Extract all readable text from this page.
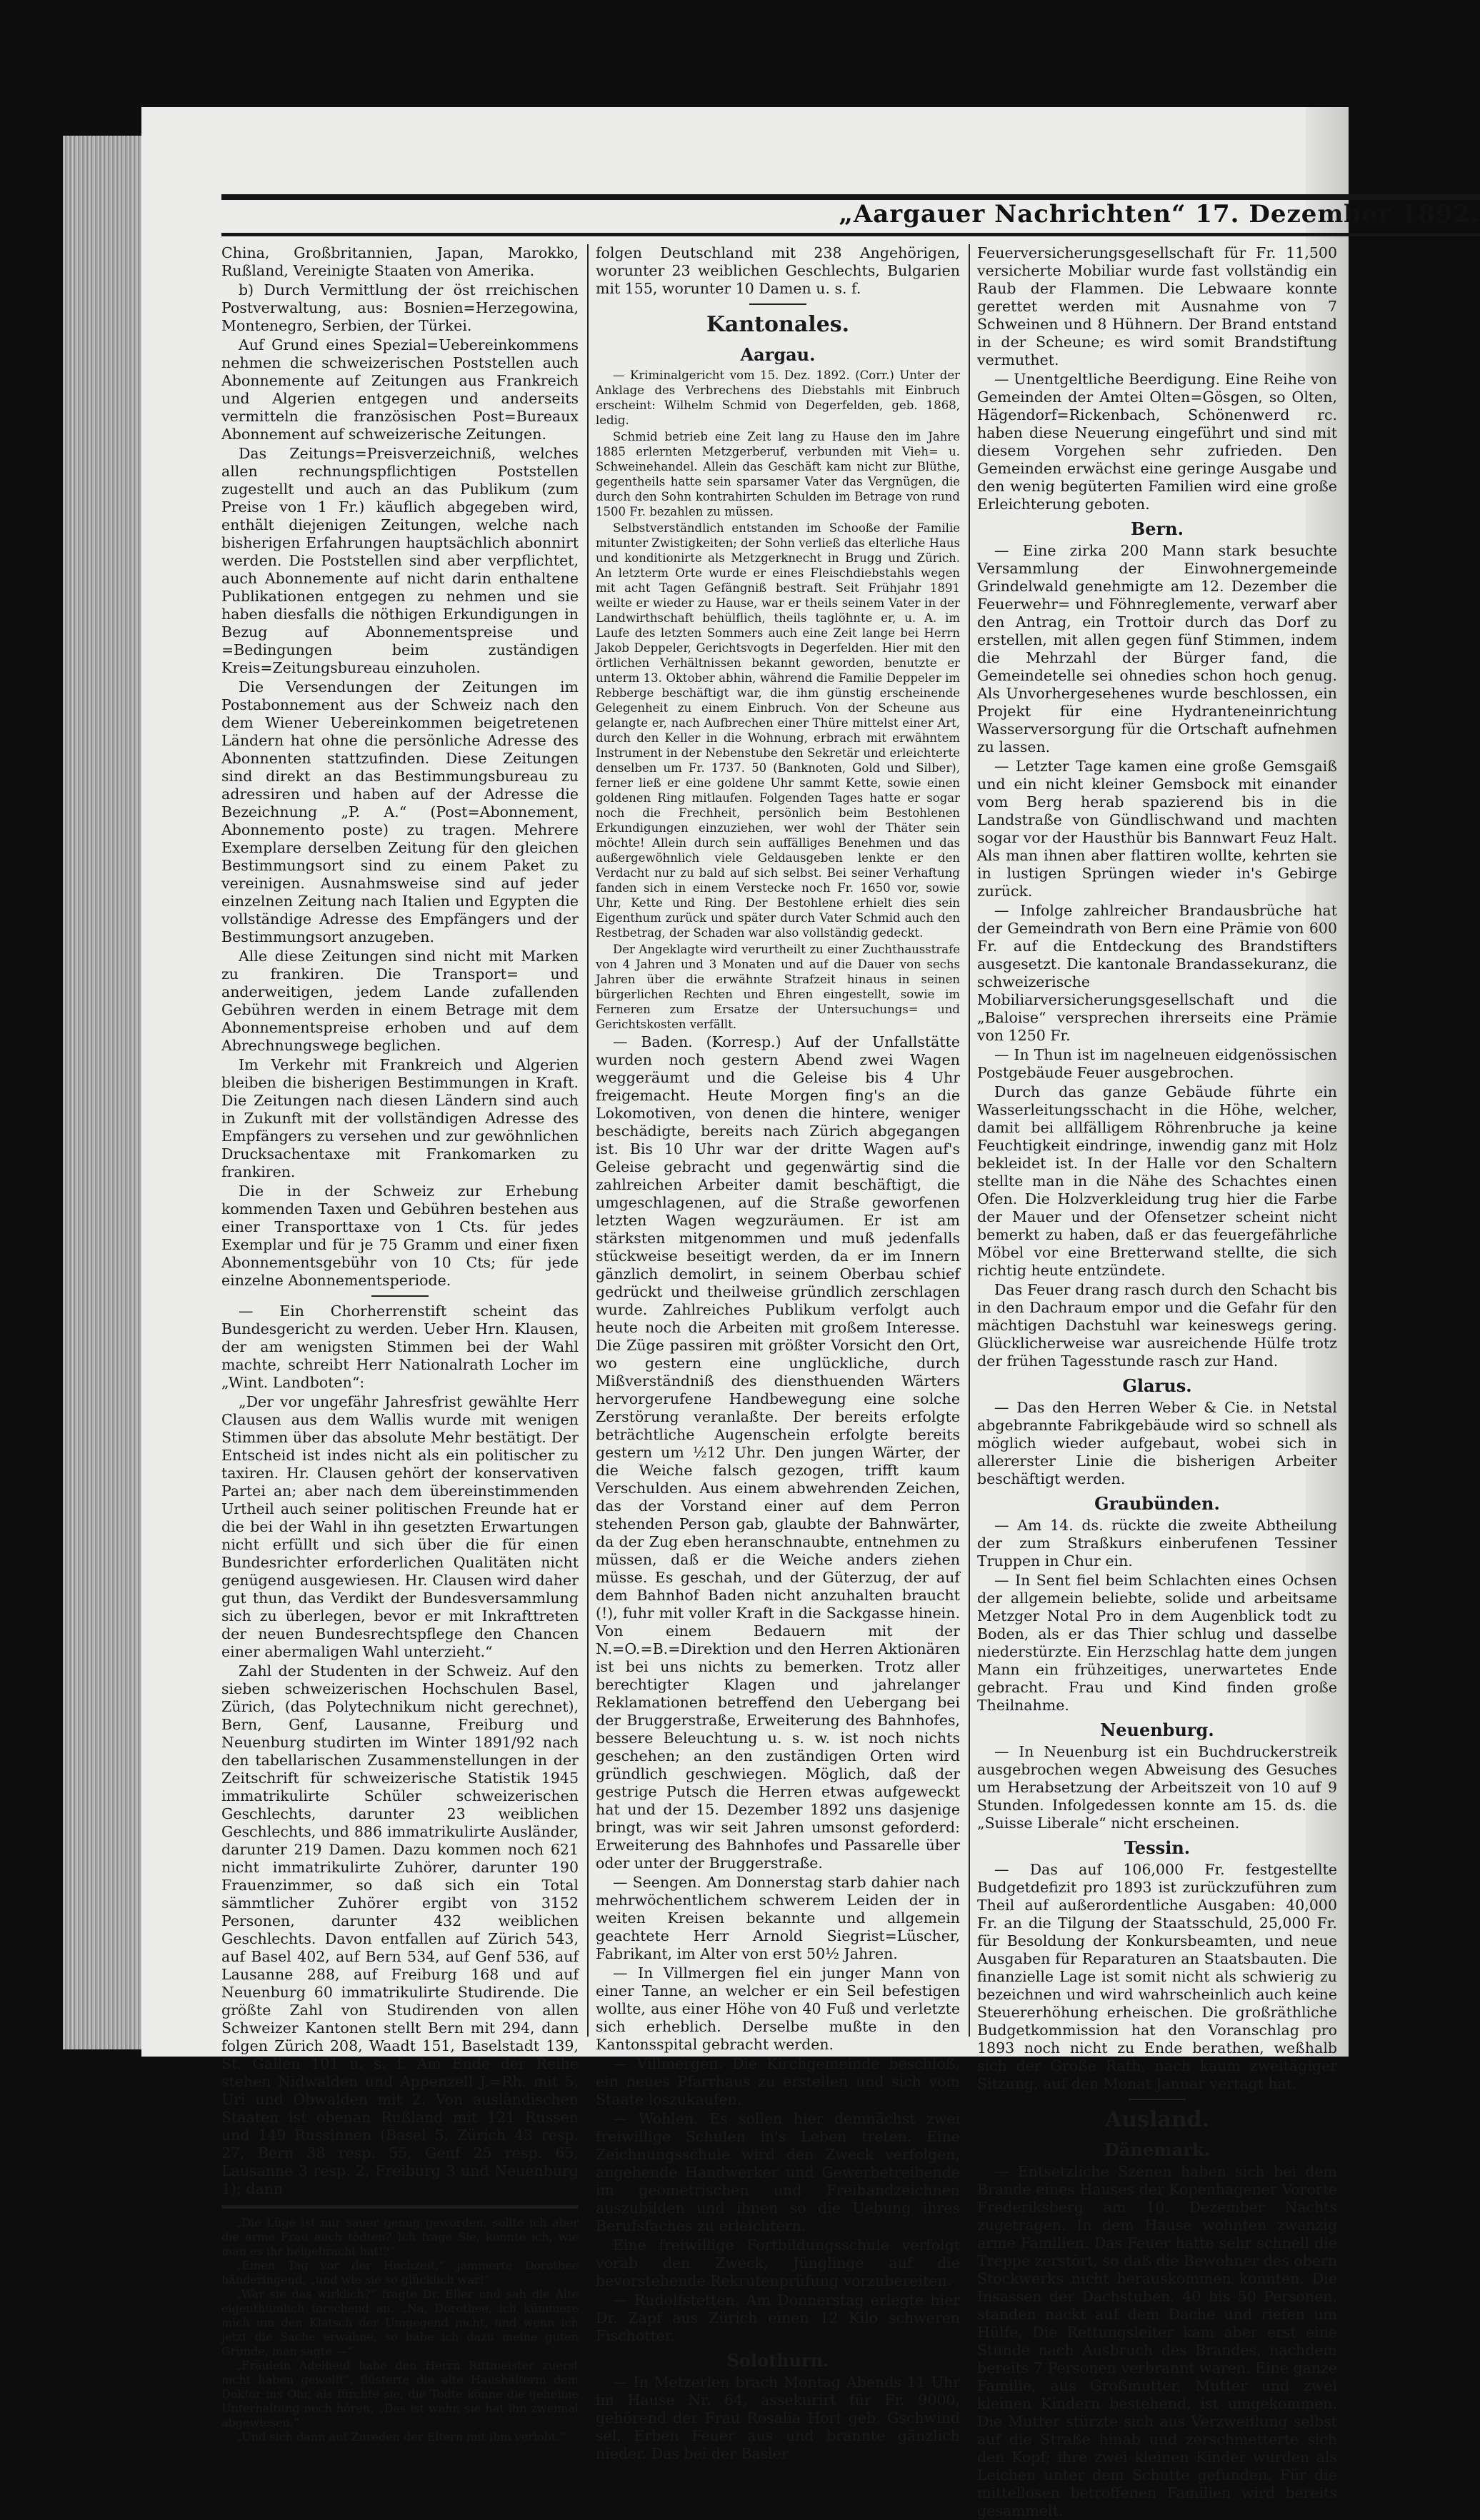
„Aargauer Nachrichten“ 17. Dezember 1892.

China, Großbritannien, Japan, Marokko, Rußland, Vereinigte Staaten von Amerika.

b) Durch Vermittlung der öst rreichischen Postverwaltung, aus: Bosnien=Herzegowina, Montenegro, Serbien, der Türkei.

Auf Grund eines Spezial=Uebereinkommens nehmen die schweizerischen Poststellen auch Abonnemente auf Zeitungen aus Frankreich und Algerien entgegen und anderseits vermitteln die französischen Post=Bureaux Abonnement auf schweizerische Zeitungen.

Das Zeitungs=Preisverzeichniß, welches allen rechnungspflichtigen Poststellen zugestellt und auch an das Publikum (zum Preise von 1 Fr.) käuflich abgegeben wird, enthält diejenigen Zeitungen, welche nach bisherigen Erfahrungen hauptsächlich abonnirt werden. Die Poststellen sind aber verpflichtet, auch Abonnemente auf nicht darin enthaltene Publikationen entgegen zu nehmen und sie haben diesfalls die nöthigen Erkundigungen in Bezug auf Abonnementspreise und =Bedingungen beim zuständigen Kreis=Zeitungsbureau einzuholen.

Die Versendungen der Zeitungen im Postabonnement aus der Schweiz nach den dem Wiener Uebereinkommen beigetretenen Ländern hat ohne die persönliche Adresse des Abonnenten stattzufinden. Diese Zeitungen sind direkt an das Bestimmungsbureau zu adressiren und haben auf der Adresse die Bezeichnung „P. A.“ (Post=Abonnement, Abonnemento poste) zu tragen. Mehrere Exemplare derselben Zeitung für den gleichen Bestimmungsort sind zu einem Paket zu vereinigen. Ausnahmsweise sind auf jeder einzelnen Zeitung nach Italien und Egypten die vollständige Adresse des Empfängers und der Bestimmungsort anzugeben.

Alle diese Zeitungen sind nicht mit Marken zu frankiren. Die Transport= und anderweitigen, jedem Lande zufallenden Gebühren werden in einem Betrage mit dem Abonnementspreise erhoben und auf dem Abrechnungswege beglichen.

Im Verkehr mit Frankreich und Algerien bleiben die bisherigen Bestimmungen in Kraft. Die Zeitungen nach diesen Ländern sind auch in Zukunft mit der vollständigen Adresse des Empfängers zu versehen und zur gewöhnlichen Drucksachentaxe mit Frankomarken zu frankiren.

Die in der Schweiz zur Erhebung kommenden Taxen und Gebühren bestehen aus einer Transporttaxe von 1 Cts. für jedes Exemplar und für je 75 Gramm und einer fixen Abonnementsgebühr von 10 Cts; für jede einzelne Abonnementsperiode.

— Ein Chorherrenstift scheint das Bundesgericht zu werden. Ueber Hrn. Klausen, der am wenigsten Stimmen bei der Wahl machte, schreibt Herr Nationalrath Locher im „Wint. Landboten“:

„Der vor ungefähr Jahresfrist gewählte Herr Clausen aus dem Wallis wurde mit wenigen Stimmen über das absolute Mehr bestätigt. Der Entscheid ist indes nicht als ein politischer zu taxiren. Hr. Clausen gehört der konservativen Partei an; aber nach dem übereinstimmenden Urtheil auch seiner politischen Freunde hat er die bei der Wahl in ihn gesetzten Erwartungen nicht erfüllt und sich über die für einen Bundesrichter erforderlichen Qualitäten nicht genügend ausgewiesen. Hr. Clausen wird daher gut thun, das Verdikt der Bundesversammlung sich zu überlegen, bevor er mit Inkrafttreten der neuen Bundesrechtspflege den Chancen einer abermaligen Wahl unterzieht.“

Zahl der Studenten in der Schweiz. Auf den sieben schweizerischen Hochschulen Basel, Zürich, (das Polytechnikum nicht gerechnet), Bern, Genf, Lausanne, Freiburg und Neuenburg studirten im Winter 1891/92 nach den tabellarischen Zusammenstellungen in der Zeitschrift für schweizerische Statistik 1945 immatrikulirte Schüler schweizerischen Geschlechts, darunter 23 weiblichen Geschlechts, und 886 immatrikulirte Ausländer, darunter 219 Damen. Dazu kommen noch 621 nicht immatrikulirte Zuhörer, darunter 190 Frauenzimmer, so daß sich ein Total sämmtlicher Zuhörer ergibt von 3152 Personen, darunter 432 weiblichen Geschlechts. Davon entfallen auf Zürich 543, auf Basel 402, auf Bern 534, auf Genf 536, auf Lausanne 288, auf Freiburg 168 und auf Neuenburg 60 immatrikulirte Studirende. Die größte Zahl von Studirenden von allen Schweizer Kantonen stellt Bern mit 294, dann folgen Zürich 208, Waadt 151, Baselstadt 139, St. Gallen 101 u. s. f. Am Ende der Reihe stehen Nidwalden und Appenzell J.=Rh. mit 5, Uri und Obwalden mit 2. Von ausländischen Staaten ist obenan Rußland mit 121 Russen und 149 Russinnen (Basel 5, Zürich 43 resp. 27, Bern 38 resp. 55, Genf 25 resp. 65, Lausanne 3 resp. 2, Freiburg 3 und Neuenburg 1); dann

„Die Lüge ist mir sauer genug geworden, sollte ich aber die arme Frau auch tödten? Ich frage Sie, konnte ich, wie man es ihr beigebracht hat!?“

„Einen Tag vor der Hochzeit,“ jammerte Dorothee händeringend, „und wie sie so glücklich war!“

„War sie das wirklich?“ fragte Dr. Eller und sah die Alte eigenthümlich forschend an. „Na, Dorothee, ich kümmere mich um den Klatsch der Umgegend nicht, und wenn ich jetzt die Sache erwähne, so habe ich dazu meine guten Gründe, man sagte —“

„Fräulein Adelheid habe den Herrn Rittmeister zuerst nicht haben gewollt“, flüsterte die alte Haushälterin dem Doktor ins Ohr, als fürchte sie, die Todte könne die geheime Unterhaltung noch hören, „Das ist wahr, sie hat ihn zweimal abgewiesen.“

„Und sich dann auf Zureden der Eltern mit ihm verlobt.“

folgen Deutschland mit 238 Angehörigen, worunter 23 weiblichen Geschlechts, Bulgarien mit 155, worunter 10 Damen u. s. f.

Kantonales.
Aargau.

— Kriminalgericht vom 15. Dez. 1892. (Corr.) Unter der Anklage des Verbrechens des Diebstahls mit Einbruch erscheint: Wilhelm Schmid von Degerfelden, geb. 1868, ledig.

Schmid betrieb eine Zeit lang zu Hause den im Jahre 1885 erlernten Metzgerberuf, verbunden mit Vieh= u. Schweinehandel. Allein das Geschäft kam nicht zur Blüthe, gegentheils hatte sein sparsamer Vater das Vergnügen, die durch den Sohn kontrahirten Schulden im Betrage von rund 1500 Fr. bezahlen zu müssen.

Selbstverständlich entstanden im Schooße der Familie mitunter Zwistigkeiten; der Sohn verließ das elterliche Haus und konditionirte als Metzgerknecht in Brugg und Zürich. An letzterm Orte wurde er eines Fleischdiebstahls wegen mit acht Tagen Gefängniß bestraft. Seit Frühjahr 1891 weilte er wieder zu Hause, war er theils seinem Vater in der Landwirthschaft behülflich, theils taglöhnte er, u. A. im Laufe des letzten Sommers auch eine Zeit lange bei Herrn Jakob Deppeler, Gerichtsvogts in Degerfelden. Hier mit den örtlichen Verhältnissen bekannt geworden, benutzte er unterm 13. Oktober abhin, während die Familie Deppeler im Rebberge beschäftigt war, die ihm günstig erscheinende Gelegenheit zu einem Einbruch. Von der Scheune aus gelangte er, nach Aufbrechen einer Thüre mittelst einer Art, durch den Keller in die Wohnung, erbrach mit erwähntem Instrument in der Nebenstube den Sekretär und erleichterte denselben um Fr. 1737. 50 (Banknoten, Gold und Silber), ferner ließ er eine goldene Uhr sammt Kette, sowie einen goldenen Ring mitlaufen. Folgenden Tages hatte er sogar noch die Frechheit, persönlich beim Bestohlenen Erkundigungen einzuziehen, wer wohl der Thäter sein möchte! Allein durch sein auffälliges Benehmen und das außergewöhnlich viele Geldausgeben lenkte er den Verdacht nur zu bald auf sich selbst. Bei seiner Verhaftung fanden sich in einem Verstecke noch Fr. 1650 vor, sowie Uhr, Kette und Ring. Der Bestohlene erhielt dies sein Eigenthum zurück und später durch Vater Schmid auch den Restbetrag, der Schaden war also vollständig gedeckt.

Der Angeklagte wird verurtheilt zu einer Zuchthausstrafe von 4 Jahren und 3 Monaten und auf die Dauer von sechs Jahren über die erwähnte Strafzeit hinaus in seinen bürgerlichen Rechten und Ehren eingestellt, sowie im Ferneren zum Ersatze der Untersuchungs= und Gerichtskosten verfällt.

— Baden. (Korresp.) Auf der Unfallstätte wurden noch gestern Abend zwei Wagen weggeräumt und die Geleise bis 4 Uhr freigemacht. Heute Morgen fing's an die Lokomotiven, von denen die hintere, weniger beschädigte, bereits nach Zürich abgegangen ist. Bis 10 Uhr war der dritte Wagen auf's Geleise gebracht und gegenwärtig sind die zahlreichen Arbeiter damit beschäftigt, die umgeschlagenen, auf die Straße geworfenen letzten Wagen wegzuräumen. Er ist am stärksten mitgenommen und muß jedenfalls stückweise beseitigt werden, da er im Innern gänzlich demolirt, in seinem Oberbau schief gedrückt und theilweise gründlich zerschlagen wurde. Zahlreiches Publikum verfolgt auch heute noch die Arbeiten mit großem Interesse. Die Züge passiren mit größter Vorsicht den Ort, wo gestern eine unglückliche, durch Mißverständniß des diensthuenden Wärters hervorgerufene Handbewegung eine solche Zerstörung veranlaßte. Der bereits erfolgte beträchtliche Augenschein erfolgte bereits gestern um ½12 Uhr. Den jungen Wärter, der die Weiche falsch gezogen, trifft kaum Verschulden. Aus einem abwehrenden Zeichen, das der Vorstand einer auf dem Perron stehenden Person gab, glaubte der Bahnwärter, da der Zug eben heranschnaubte, entnehmen zu müssen, daß er die Weiche anders ziehen müsse. Es geschah, und der Güterzug, der auf dem Bahnhof Baden nicht anzuhalten braucht (!), fuhr mit voller Kraft in die Sackgasse hinein. Von einem Bedauern mit der N.=O.=B.=Direktion und den Herren Aktionären ist bei uns nichts zu bemerken. Trotz aller berechtigter Klagen und jahrelanger Reklamationen betreffend den Uebergang bei der Bruggerstraße, Erweiterung des Bahnhofes, bessere Beleuchtung u. s. w. ist noch nichts geschehen; an den zuständigen Orten wird gründlich geschwiegen. Möglich, daß der gestrige Putsch die Herren etwas aufgeweckt hat und der 15. Dezember 1892 uns dasjenige bringt, was wir seit Jahren umsonst geforderd: Erweiterung des Bahnhofes und Passarelle über oder unter der Bruggerstraße.

— Seengen. Am Donnerstag starb dahier nach mehrwöchentlichem schwerem Leiden der in weiten Kreisen bekannte und allgemein geachtete Herr Arnold Siegrist=Lüscher, Fabrikant, im Alter von erst 50½ Jahren.

— In Villmergen fiel ein junger Mann von einer Tanne, an welcher er ein Seil befestigen wollte, aus einer Höhe von 40 Fuß und verletzte sich erheblich. Derselbe mußte in den Kantonsspital gebracht werden.

— Villmergen. Die Kirchgemeinde beschloß, ein neues Pfarrhaus zu erstellen und sich vom Staate loszukaufen.

— Wohlen. Es sollen hier demnächst zwei freiwillige Schulen in's Leben treten. Eine Zeichnungsschule wird den Zweck verfolgen, angehende Handwerker und Gewerbetreibende im geometrischen und Freihandzeichnen auszubilden und ihnen so die Uebung ihres Berufsfaches zu erleichtern.

Eine freiwillige Fortbildungsschule verfolgt vorab den Zweck, Jünglinge auf die bevorstehende Rekrutenprüfung vorzubereiten.

— Rudolfstetten. Am Donnerstag erlegte hier Dr. Zapf aus Zürich einen 12 Kilo schweren Fischotter.

Solothurn.

— In Metzerlen brach Montag Abends 11 Uhr im Hause Nr. 64, assekurirt für Fr. 9000, gehörend der Frau Rosalia Hort geb. Gschwind sel. Erben Feuer aus und brannte gänzlich nieder. Das bei der Basler

Feuerversicherungsgesellschaft für Fr. 11,500 versicherte Mobiliar wurde fast vollständig ein Raub der Flammen. Die Lebwaare konnte gerettet werden mit Ausnahme von 7 Schweinen und 8 Hühnern. Der Brand entstand in der Scheune; es wird somit Brandstiftung vermuthet.

— Unentgeltliche Beerdigung. Eine Reihe von Gemeinden der Amtei Olten=Gösgen, so Olten, Hägendorf=Rickenbach, Schönenwerd rc. haben diese Neuerung eingeführt und sind mit diesem Vorgehen sehr zufrieden. Den Gemeinden erwächst eine geringe Ausgabe und den wenig begüterten Familien wird eine große Erleichterung geboten.

Bern.

— Eine zirka 200 Mann stark besuchte Versammlung der Einwohnergemeinde Grindelwald genehmigte am 12. Dezember die Feuerwehr= und Föhnreglemente, verwarf aber den Antrag, ein Trottoir durch das Dorf zu erstellen, mit allen gegen fünf Stimmen, indem die Mehrzahl der Bürger fand, die Gemeindetelle sei ohnedies schon hoch genug. Als Unvorhergesehenes wurde beschlossen, ein Projekt für eine Hydranteneinrichtung Wasserversorgung für die Ortschaft aufnehmen zu lassen.

— Letzter Tage kamen eine große Gemsgaiß und ein nicht kleiner Gemsbock mit einander vom Berg herab spazierend bis in die Landstraße von Gündlischwand und machten sogar vor der Hausthür bis Bannwart Feuz Halt. Als man ihnen aber flattiren wollte, kehrten sie in lustigen Sprüngen wieder in's Gebirge zurück.

— Infolge zahlreicher Brandausbrüche hat der Gemeindrath von Bern eine Prämie von 600 Fr. auf die Entdeckung des Brandstifters ausgesetzt. Die kantonale Brandassekuranz, die schweizerische Mobiliarversicherungsgesellschaft und die „Baloise“ versprechen ihrerseits eine Prämie von 1250 Fr.

— In Thun ist im nagelneuen eidgenössischen Postgebäude Feuer ausgebrochen.

Durch das ganze Gebäude führte ein Wasserleitungsschacht in die Höhe, welcher, damit bei allfälligem Röhrenbruche ja keine Feuchtigkeit eindringe, inwendig ganz mit Holz bekleidet ist. In der Halle vor den Schaltern stellte man in die Nähe des Schachtes einen Ofen. Die Holzverkleidung trug hier die Farbe der Mauer und der Ofensetzer scheint nicht bemerkt zu haben, daß er das feuergefährliche Möbel vor eine Bretterwand stellte, die sich richtig heute entzündete.

Das Feuer drang rasch durch den Schacht bis in den Dachraum empor und die Gefahr für den mächtigen Dachstuhl war keineswegs gering. Glücklicherweise war ausreichende Hülfe trotz der frühen Tagesstunde rasch zur Hand.

Glarus.

— Das den Herren Weber & Cie. in Netstal abgebrannte Fabrikgebäude wird so schnell als möglich wieder aufgebaut, wobei sich in allererster Linie die bisherigen Arbeiter beschäftigt werden.

Graubünden.

— Am 14. ds. rückte die zweite Abtheilung der zum Straßkurs einberufenen Tessiner Truppen in Chur ein.

— In Sent fiel beim Schlachten eines Ochsen der allgemein beliebte, solide und arbeitsame Metzger Notal Pro in dem Augenblick todt zu Boden, als er das Thier schlug und dasselbe niederstürzte. Ein Herzschlag hatte dem jungen Mann ein frühzeitiges, unerwartetes Ende gebracht. Frau und Kind finden große Theilnahme.

Neuenburg.

— In Neuenburg ist ein Buchdruckerstreik ausgebrochen wegen Abweisung des Gesuches um Herabsetzung der Arbeitszeit von 10 auf 9 Stunden. Infolgedessen konnte am 15. ds. die „Suisse Liberale“ nicht erscheinen.

Tessin.

— Das auf 106,000 Fr. festgestellte Budgetdefizit pro 1893 ist zurückzuführen zum Theil auf außerordentliche Ausgaben: 40,000 Fr. an die Tilgung der Staatsschuld, 25,000 Fr. für Besoldung der Konkursbeamten, und neue Ausgaben für Reparaturen an Staatsbauten. Die finanzielle Lage ist somit nicht als schwierig zu bezeichnen und wird wahrscheinlich auch keine Steuererhöhung erheischen. Die großräthliche Budgetkommission hat den Voranschlag pro 1893 noch nicht zu Ende berathen, weßhalb sich der Große Rath, nach kaum zweitägiger Sitzung, auf den Monat Januar vertagt hat.

Ausland.
Dänemark.

— Entsetzliche Szenen haben sich bei dem Brande eines Hauses der Kopenhagener Vororte Frederiksberg am 10. Dezember Nachts zugetragen. In dem Hause wohnten zwanzig arme Familien. Das Feuer hatte sehr schnell die Treppe zerstört, so daß die Bewohner des obern Stockwerks nicht herauskommen konnten. Die Insassen der Dachstuben, 40 bis 50 Personen, standen nackt auf dem Dache und riefen um Hülfe. Die Rettungsleiter kam aber erst eine Stunde nach Ausbruch des Brandes, nachdem bereits 7 Personen verbrannt waren. Eine ganze Familie, aus Großmutter, Mutter und zwei kleinen Kindern bestehend, ist umgekommen. Die Mutter stürzte sich aus Verzweiflung selbst auf die Straße hinab und zerschmetterte sich den Kopf; ihre zwei kleinen Kinder wurden als Leichen unter dem Schutte gefunden. Für die mittellosen betroffenen Familien wird bereits gesammelt.
